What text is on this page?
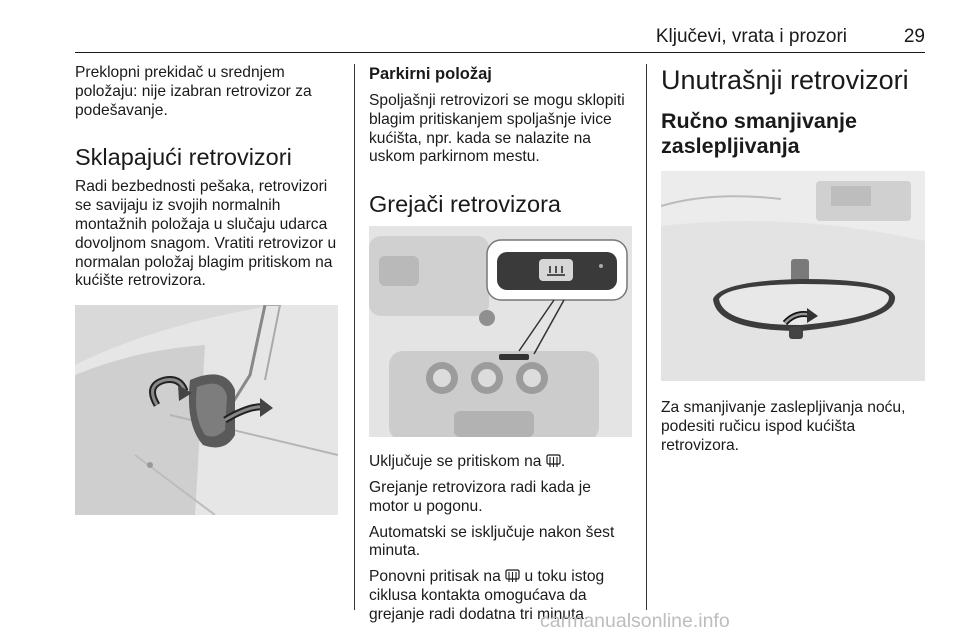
Ključevi, vrata i prozori	29

Preklopni prekidač u srednjem položaju: nije izabran retrovizor za podešavanje.

Sklapajući retrovizori

Radi bezbednosti pešaka, retrovizori se savijaju iz svojih normalnih montažnih položaja u slučaju udarca dovoljnom snagom. Vratiti retrovizor u normalan položaj blagim pritiskom na kućište retrovizora.

Parkirni položaj

Spoljašnji retrovizori se mogu sklopiti blagim pritiskanjem spoljašnje ivice kućišta, npr. kada se nalazite na uskom parkirnom mestu.

Grejači retrovizora

Uključuje se pritiskom na .

Grejanje retrovizora radi kada je motor u pogonu.

Automatski se isključuje nakon šest minuta.

Ponovni pritisak na u toku istog ciklusa kontakta omogućava da grejanje radi dodatna tri minuta.

Unutrašnji retrovizori
Ručno smanjivanje zaslepljivanja

Za smanjivanje zaslepljivanja noću, podesiti ručicu ispod kućišta retrovizora.

carmanualsonline.info
